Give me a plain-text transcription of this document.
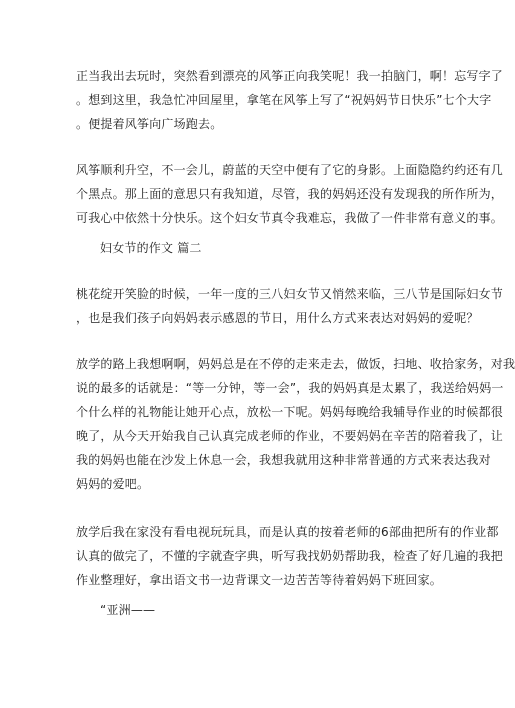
正当我出去玩时，突然看到漂亮的风筝正向我笑呢！我一拍脑门，啊！忘写字了
。想到这里，我急忙冲回屋里，拿笔在风筝上写了“祝妈妈节日快乐”七个大字
。便提着风筝向广场跑去。
风筝顺利升空，不一会儿，蔚蓝的天空中便有了它的身影。上面隐隐约约还有几
个黑点。那上面的意思只有我知道，尽管，我的妈妈还没有发现我的所作所为，
可我心中依然十分快乐。这个妇女节真令我难忘，我做了一件非常有意义的事。
妇女节的作文 篇二
桃花绽开笑脸的时候，一年一度的三八妇女节又悄然来临，三八节是国际妇女节
，也是我们孩子向妈妈表示感恩的节日，用什么方式来表达对妈妈的爱呢？
放学的路上我想啊啊，妈妈总是在不停的走来走去，做饭，扫地、收拾家务，对我
说的最多的话就是：“等一分钟，等一会”，我的妈妈真是太累了，我送给妈妈一
个什么样的礼物能让她开心点，放松一下呢。妈妈每晚给我辅导作业的时候都很
晚了，从今天开始我自己认真完成老师的作业，不要妈妈在辛苦的陪着我了，让
我的妈妈也能在沙发上休息一会，我想我就用这种非常普通的方式来表达我对
妈妈的爱吧。
放学后我在家没有看电视玩玩具，而是认真的按着老师的6部曲把所有的作业都
认真的做完了，不懂的字就查字典，听写我找奶奶帮助我，检查了好几遍的我把
作业整理好，拿出语文书一边背课文一边苦苦等待着妈妈下班回家。
“亚洲——
